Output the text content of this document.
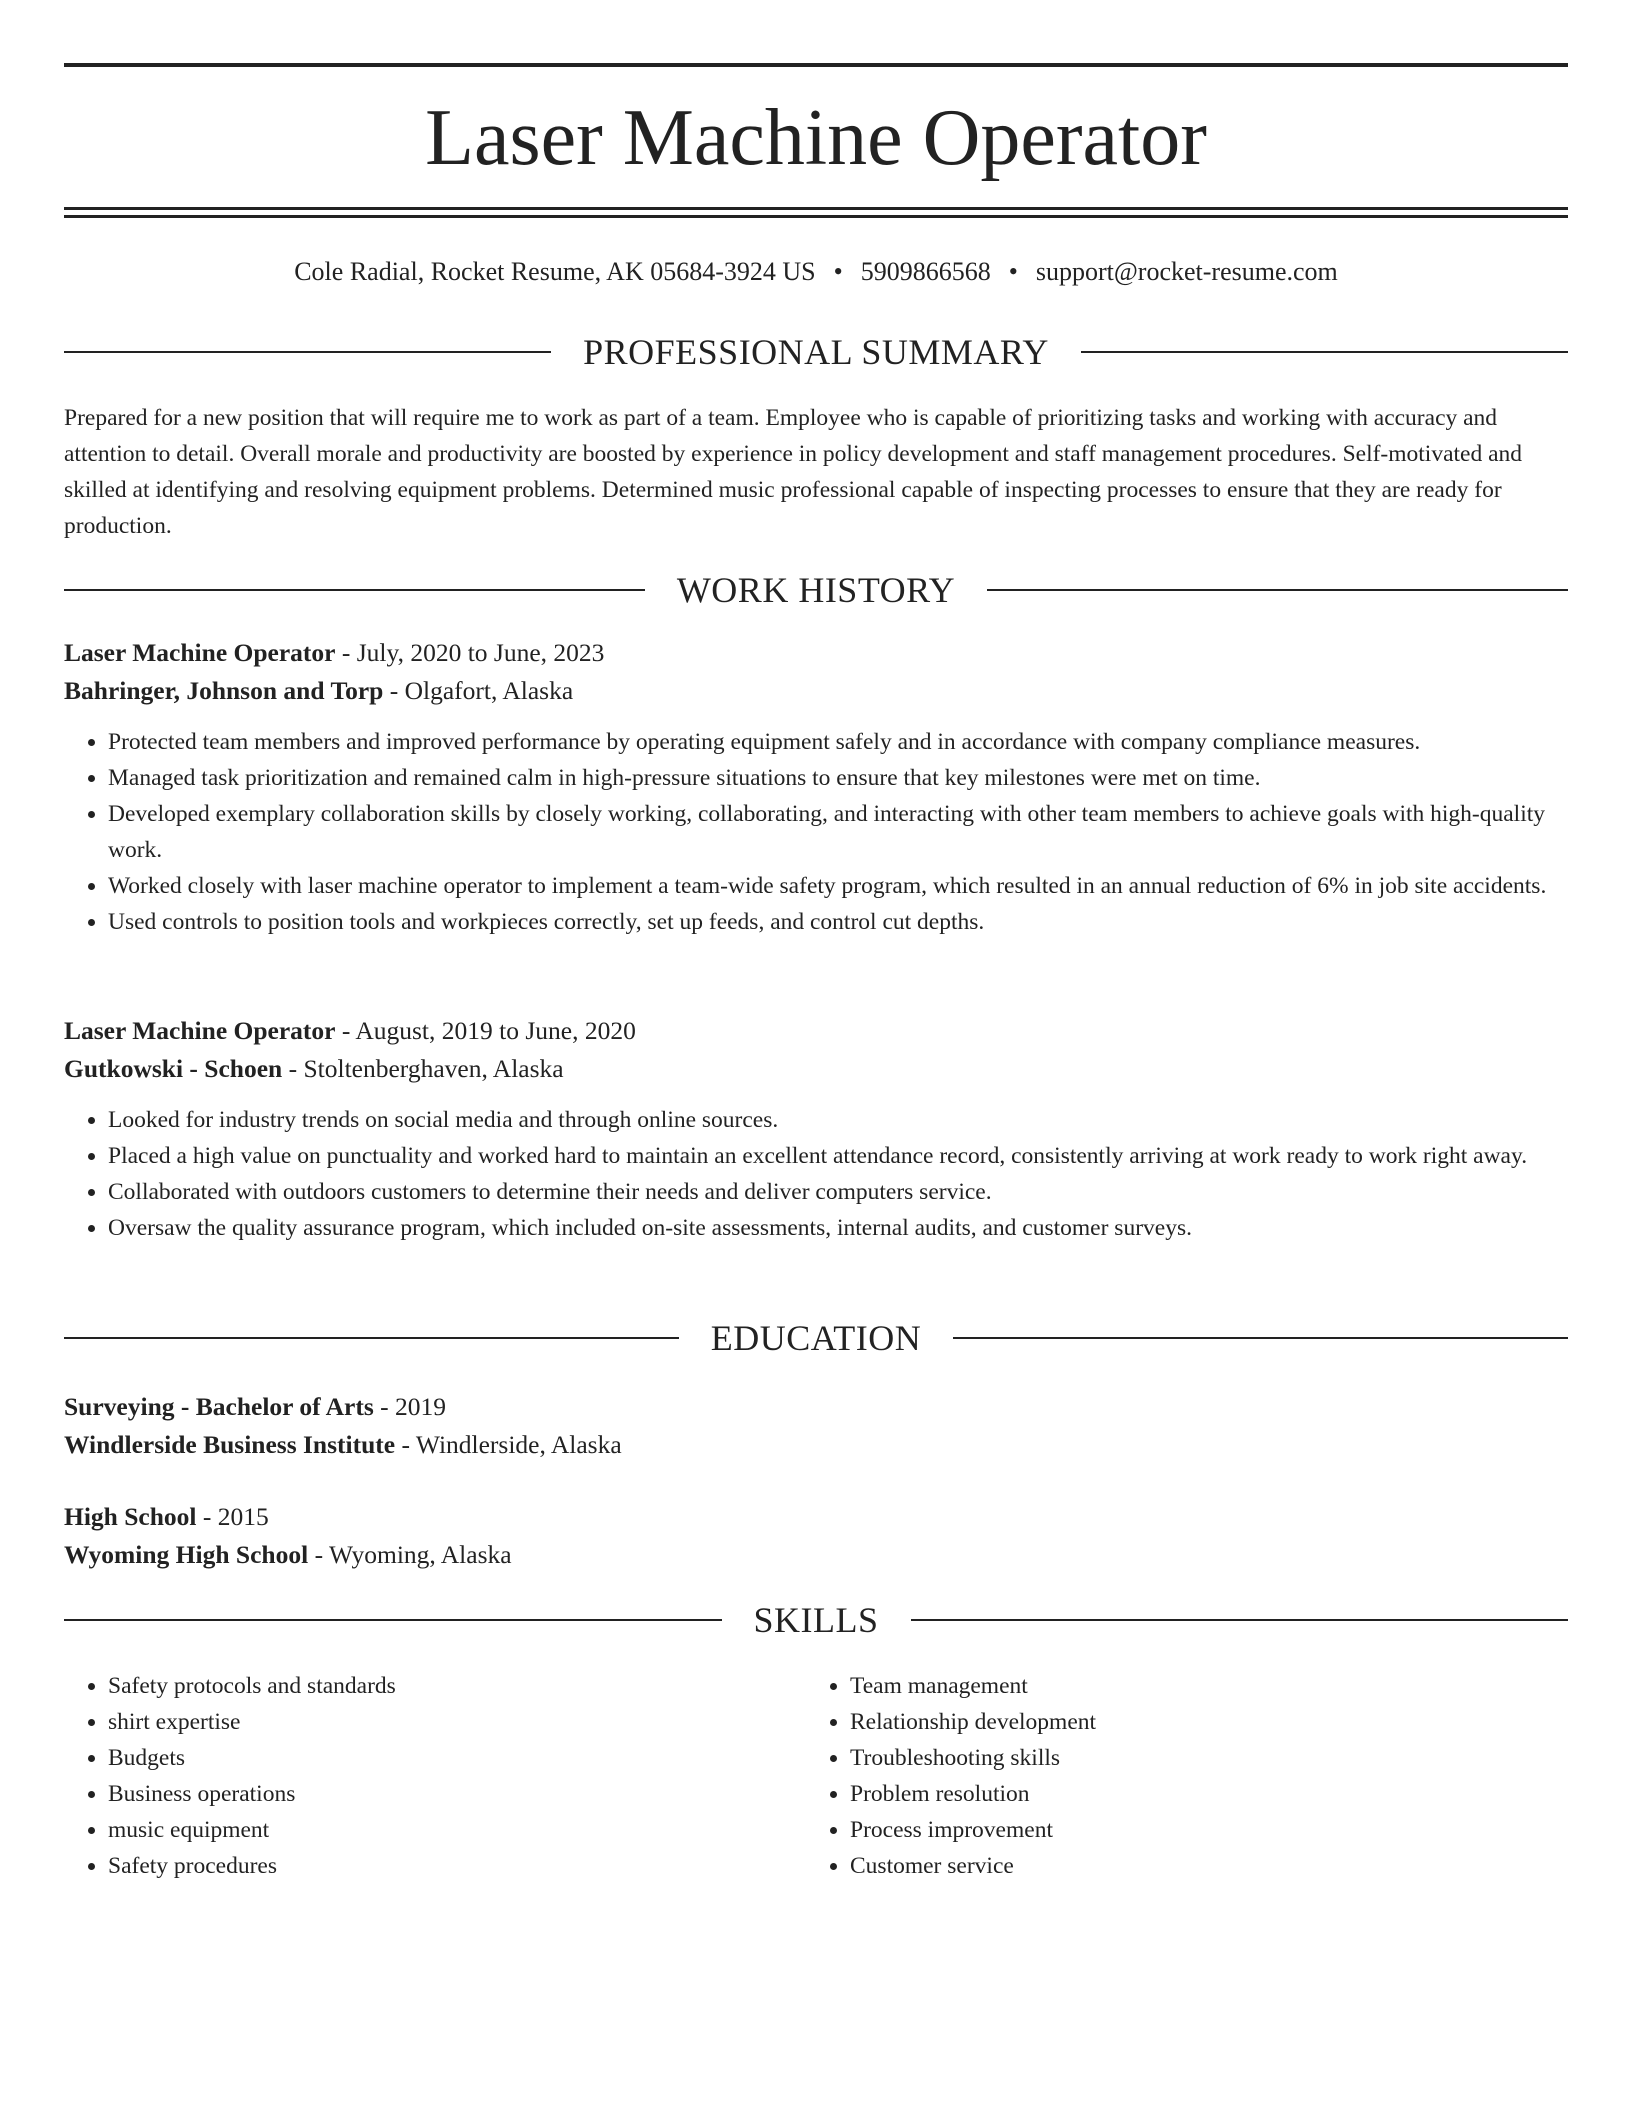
Laser Machine Operator
Cole Radial, Rocket Resume, AK 05684-3924 US • 5909866568 • support@rocket-resume.com
PROFESSIONAL SUMMARY

Prepared for a new position that will require me to work as part of a team. Employee who is capable of prioritizing tasks and working with accuracy and attention to detail. Overall morale and productivity are boosted by experience in policy development and staff management procedures. Self-motivated and skilled at identifying and resolving equipment problems. Determined music professional capable of inspecting processes to ensure that they are ready for production.

WORK HISTORY
Laser Machine Operator - July, 2020 to June, 2023
Bahringer, Johnson and Torp - Olgafort, Alaska
• Protected team members and improved performance by operating equipment safely and in accordance with company compliance measures.
• Managed task prioritization and remained calm in high-pressure situations to ensure that key milestones were met on time.
• Developed exemplary collaboration skills by closely working, collaborating, and interacting with other team members to achieve goals with high-quality work.
• Worked closely with laser machine operator to implement a team-wide safety program, which resulted in an annual reduction of 6% in job site accidents.
• Used controls to position tools and workpieces correctly, set up feeds, and control cut depths.
Laser Machine Operator - August, 2019 to June, 2020
Gutkowski - Schoen - Stoltenberghaven, Alaska
• Looked for industry trends on social media and through online sources.
• Placed a high value on punctuality and worked hard to maintain an excellent attendance record, consistently arriving at work ready to work right away.
• Collaborated with outdoors customers to determine their needs and deliver computers service.
• Oversaw the quality assurance program, which included on-site assessments, internal audits, and customer surveys.
EDUCATION
Surveying - Bachelor of Arts - 2019
Windlerside Business Institute - Windlerside, Alaska
High School - 2015
Wyoming High School - Wyoming, Alaska
SKILLS
• Safety protocols and standards
• shirt expertise
• Budgets
• Business operations
• music equipment
• Safety procedures
• Team management
• Relationship development
• Troubleshooting skills
• Problem resolution
• Process improvement
• Customer service
